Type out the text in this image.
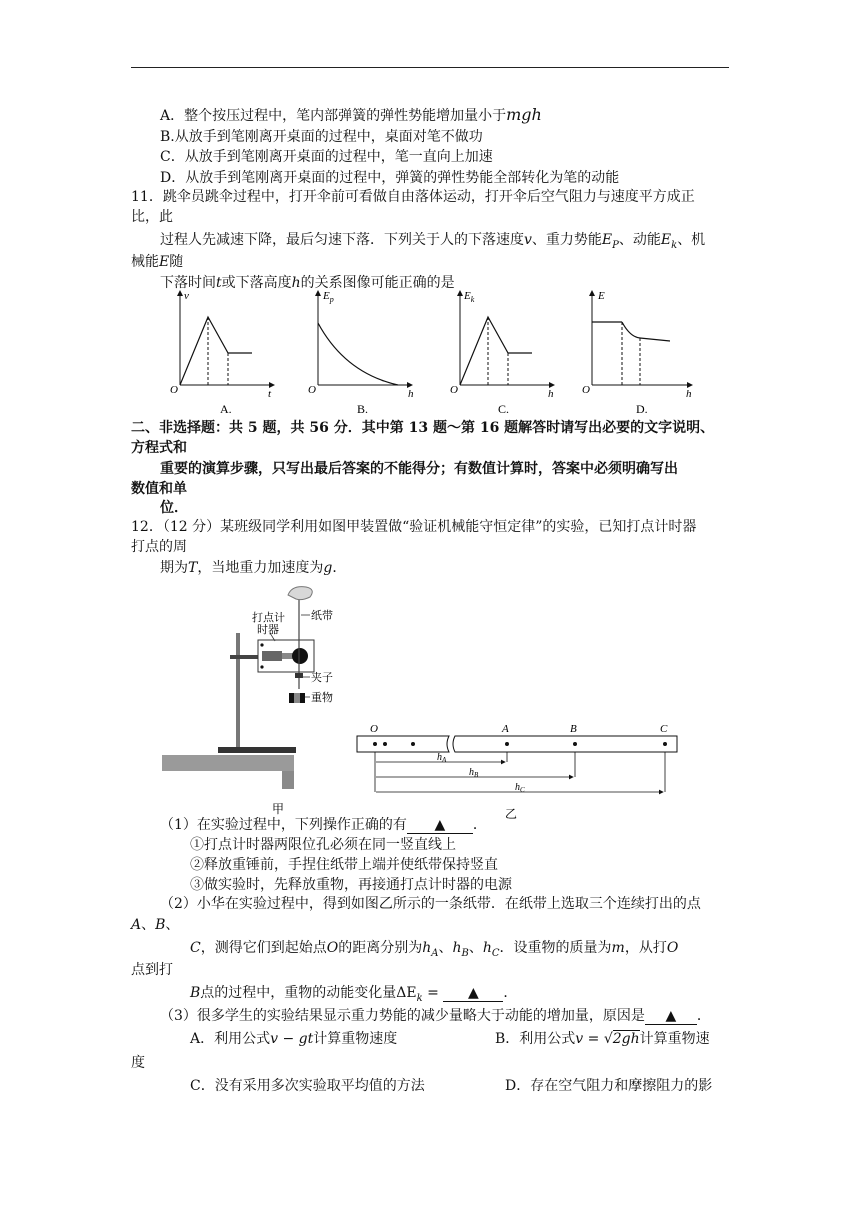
A．整个按压过程中，笔内部弹簧的弹性势能增加量小于mgh
B.从放手到笔刚离开桌面的过程中，桌面对笔不做功
C．从放手到笔刚离开桌面的过程中，笔一直向上加速
D．从放手到笔刚离开桌面的过程中，弹簧的弹性势能全部转化为笔的动能
11．跳伞员跳伞过程中，打开伞前可看做自由落体运动，打开伞后空气阻力与速度平方成正
比，此
过程人先减速下降，最后匀速下落．下列关于人的下落速度v、重力势能$E_P$、动能$E_k$、机
械能E随
下落时间t或下落高度h的关系图像可能正确的是
v
t
O
A.
$E_p$
h
O
B.
$E_k$
h
O
C.
E
h
O
D.
二、非选择题：共 5 题，共 56 分．其中第 13 题～第 16 题解答时请写出必要的文字说明、
方程式和
重要的演算步骤，只写出最后答案的不能得分；有数值计算时，答案中必须明确写出
数值和单
位．
12．（12 分）某班级同学利用如图甲装置做“验证机械能守恒定律”的实验，已知打点计时器
打点的周
期为T，当地重力加速度为g．
打点计
时器
纸带
夹子
重物
甲
O	A	B	C
$h_A$
$h_B$
$h_C$
乙
（1）在实验过程中，下列操作正确的有 ▲ ．
①打点计时器两限位孔必须在同一竖直线上
②释放重锤前，手捏住纸带上端并使纸带保持竖直
③做实验时，先释放重物，再接通打点计时器的电源
（2）小华在实验过程中，得到如图乙所示的一条纸带．在纸带上选取三个连续打出的点
A、B、
C，测得它们到起始点O的距离分别为$h_A$、$h_B$、$h_C$．设重物的质量为m，从打O
点到打
B点的过程中，重物的动能变化量$\Delta E_k$ = ▲ ．
（3）很多学生的实验结果显示重力势能的减少量略大于动能的增加量，原因是 ▲ ．
A．利用公式v − gt计算重物速度	B．利用公式v = √2gh计算重物速
度
C．没有采用多次实验取平均值的方法	D．存在空气阻力和摩擦阻力的影
